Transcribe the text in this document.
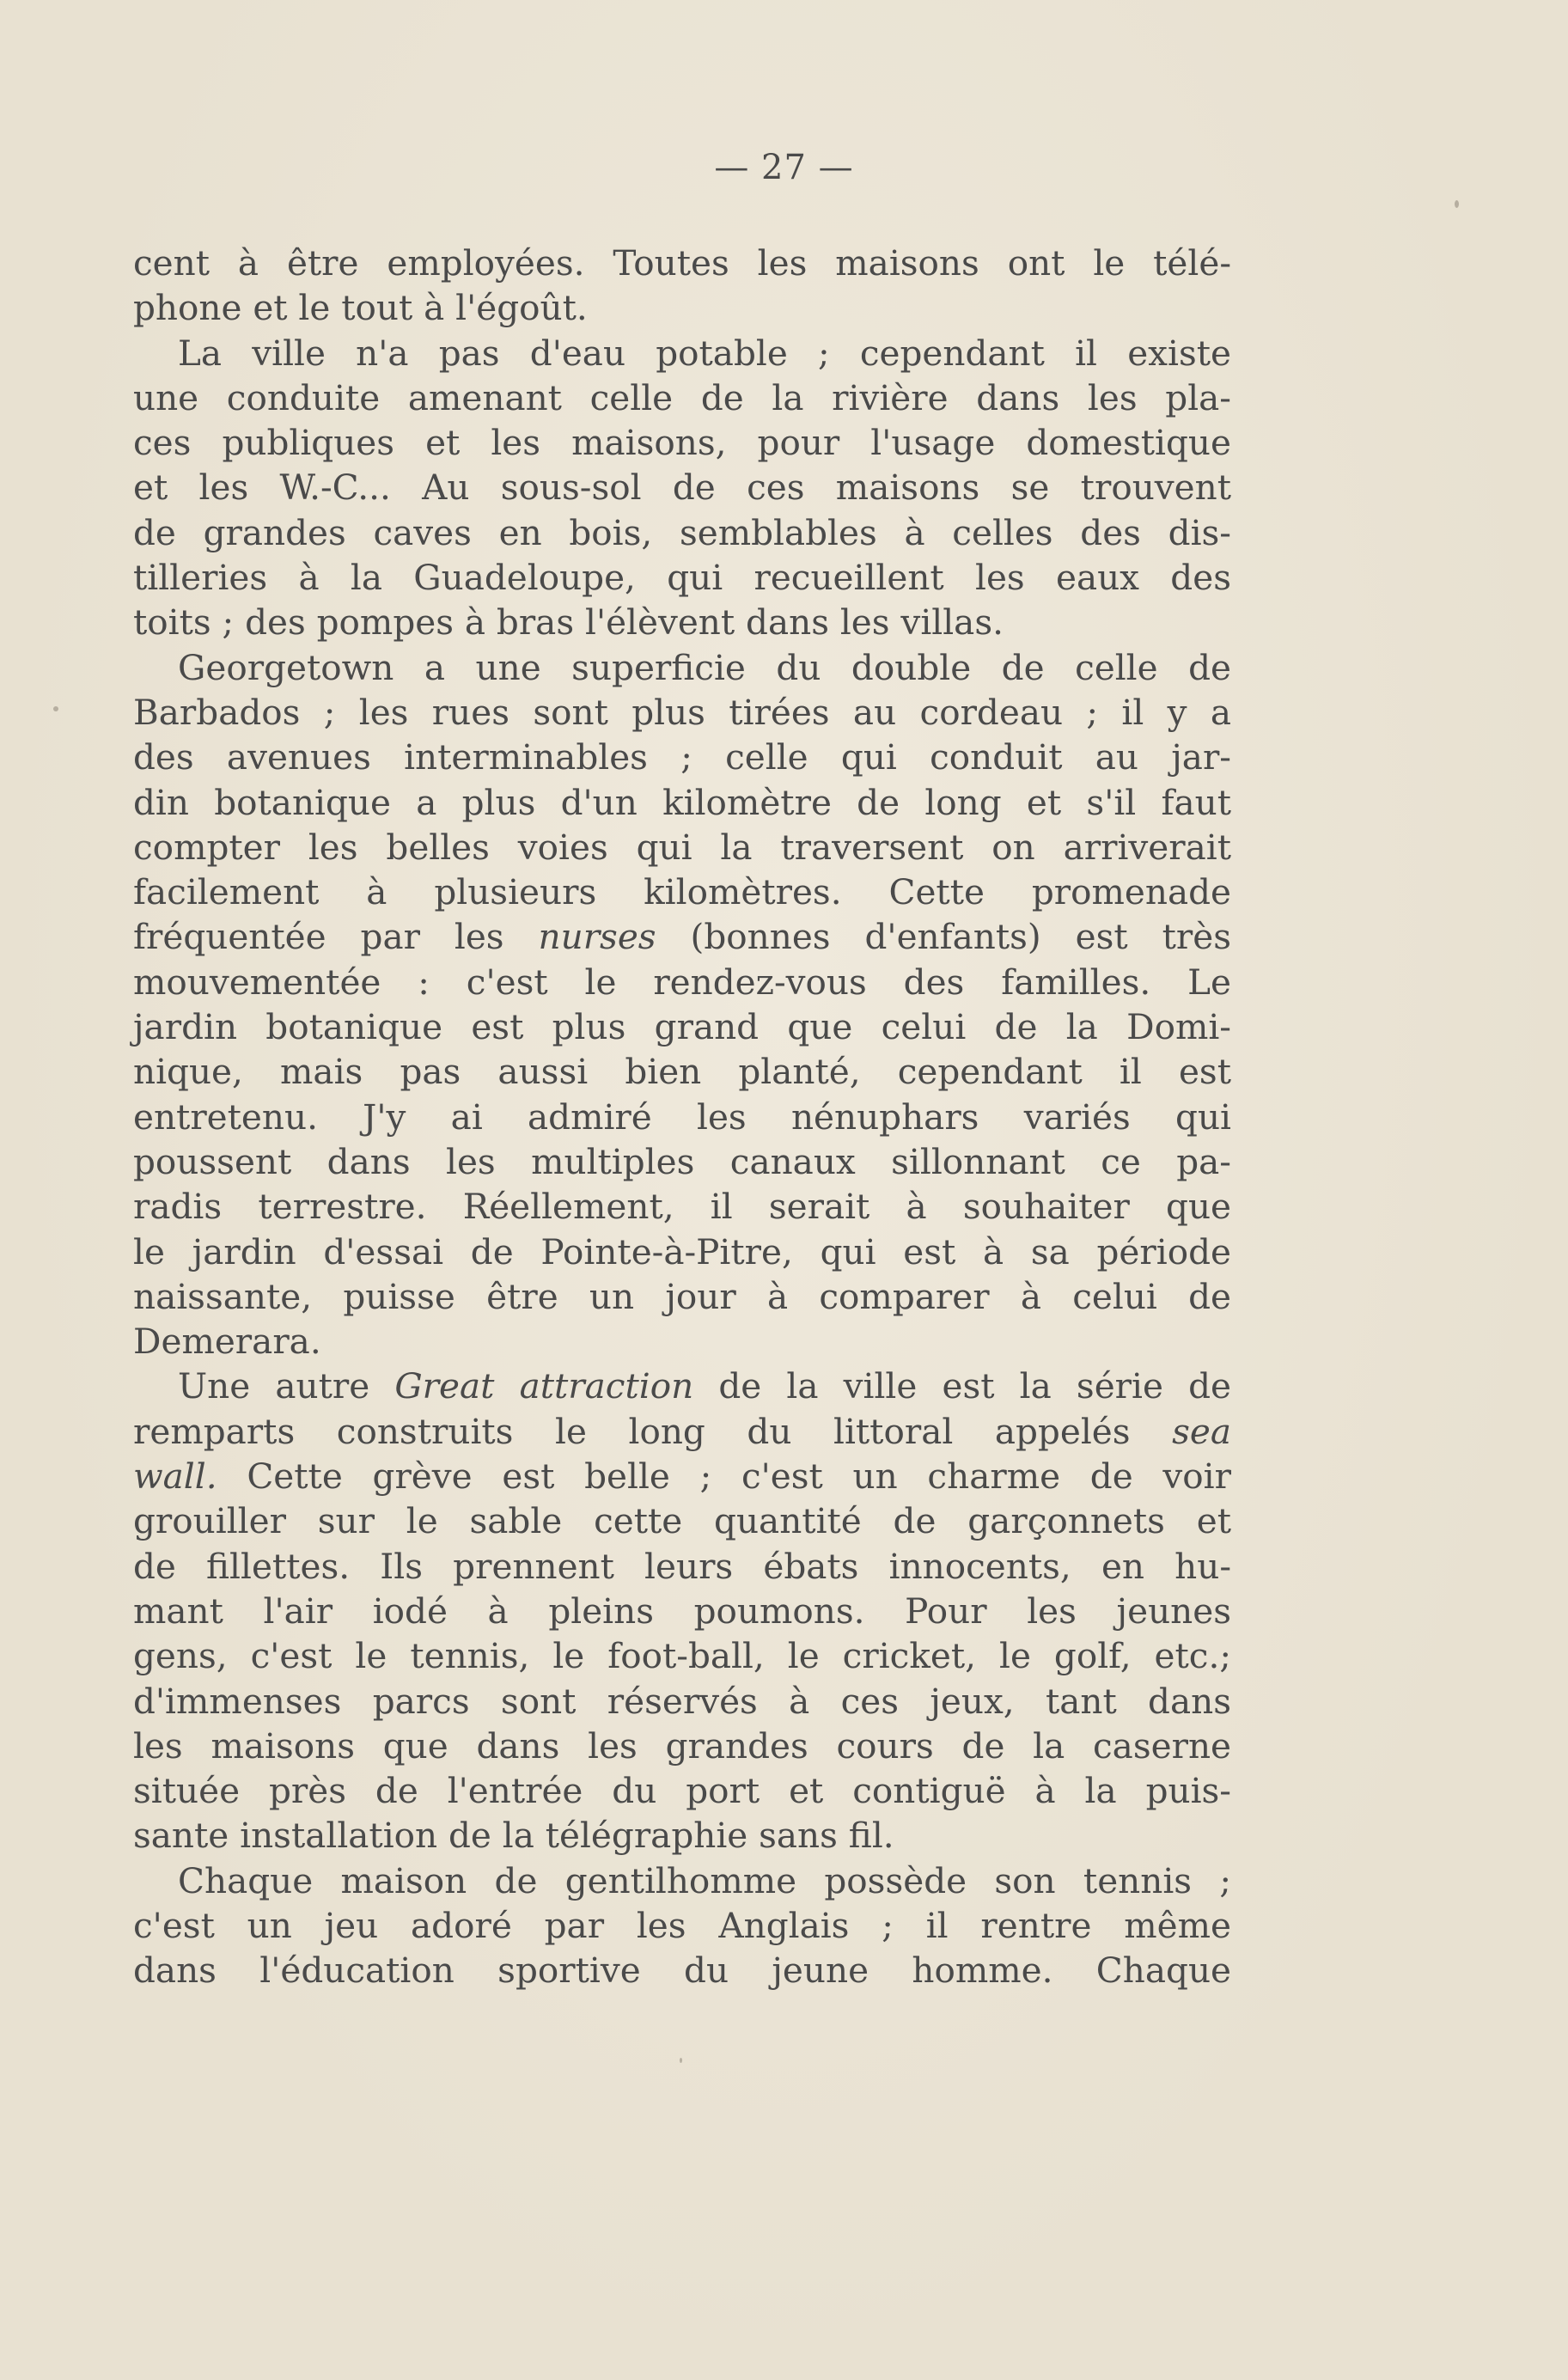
— 27 —
cent à être employées. Toutes les maisons ont le télé-
phone et le tout à l'égoût.
La ville n'a pas d'eau potable ; cependant il existe
une conduite amenant celle de la rivière dans les pla-
ces publiques et les maisons, pour l'usage domestique
et les W.-C... Au sous-sol de ces maisons se trouvent
de grandes caves en bois, semblables à celles des dis-
tilleries à la Guadeloupe, qui recueillent les eaux des
toits ; des pompes à bras l'élèvent dans les villas.
Georgetown a une superficie du double de celle de
Barbados ; les rues sont plus tirées au cordeau ; il y a
des avenues interminables ; celle qui conduit au jar-
din botanique a plus d'un kilomètre de long et s'il faut
compter les belles voies qui la traversent on arriverait
facilement à plusieurs kilomètres. Cette promenade
fréquentée par les nurses (bonnes d'enfants) est très
mouvementée : c'est le rendez-vous des familles. Le
jardin botanique est plus grand que celui de la Domi-
nique, mais pas aussi bien planté, cependant il est
entretenu. J'y ai admiré les nénuphars variés qui
poussent dans les multiples canaux sillonnant ce pa-
radis terrestre. Réellement, il serait à souhaiter que
le jardin d'essai de Pointe-à-Pitre, qui est à sa période
naissante, puisse être un jour à comparer à celui de
Demerara.
Une autre Great attraction de la ville est la série de
remparts construits le long du littoral appelés sea
wall. Cette grève est belle ; c'est un charme de voir
grouiller sur le sable cette quantité de garçonnets et
de fillettes. Ils prennent leurs ébats innocents, en hu-
mant l'air iodé à pleins poumons. Pour les jeunes
gens, c'est le tennis, le foot-ball, le cricket, le golf, etc.;
d'immenses parcs sont réservés à ces jeux, tant dans
les maisons que dans les grandes cours de la caserne
située près de l'entrée du port et contiguë à la puis-
sante installation de la télégraphie sans fil.
Chaque maison de gentilhomme possède son tennis ;
c'est un jeu adoré par les Anglais ; il rentre même
dans l'éducation sportive du jeune homme. Chaque
